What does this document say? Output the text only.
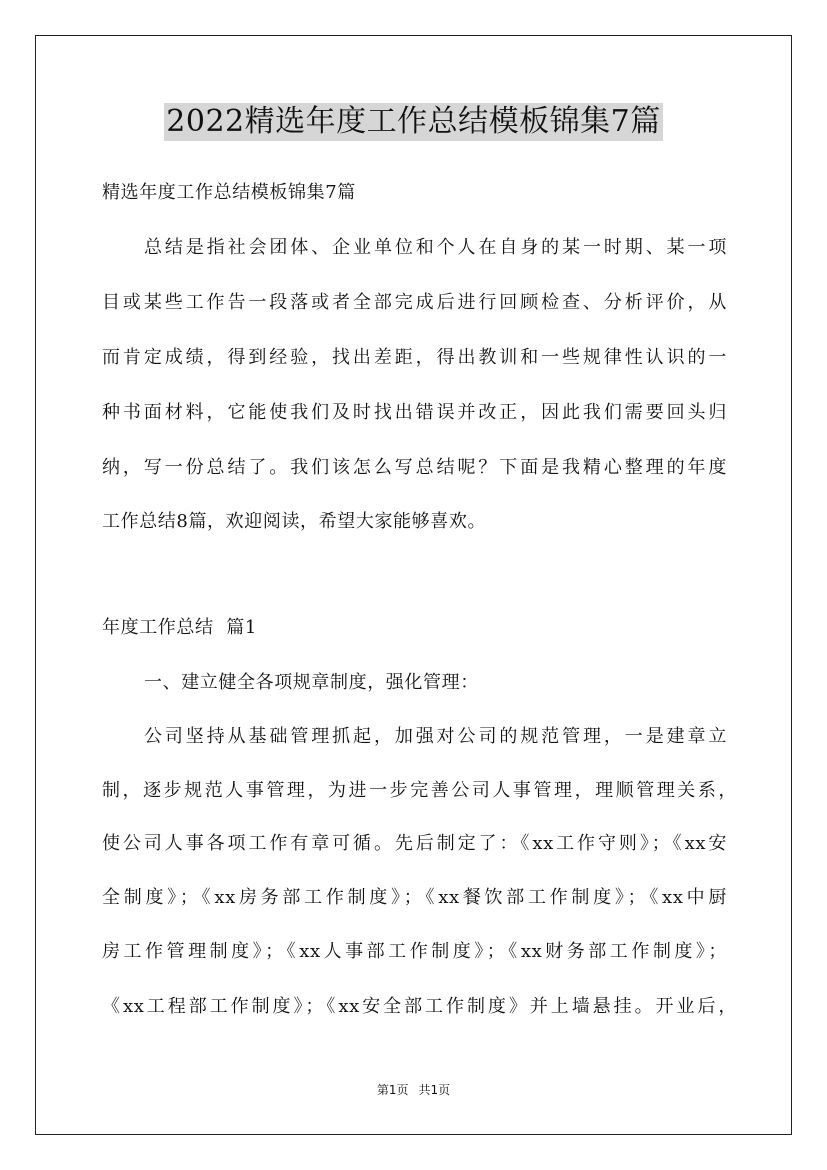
2022精选年度工作总结模板锦集7篇
精选年度工作总结模板锦集7篇
总结是指社会团体、企业单位和个人在自身的某一时期、某一项
目或某些工作告一段落或者全部完成后进行回顾检查、分析评价，从
而肯定成绩，得到经验，找出差距，得出教训和一些规律性认识的一
种书面材料，它能使我们及时找出错误并改正，因此我们需要回头归
纳，写一份总结了。我们该怎么写总结呢？下面是我精心整理的年度
工作总结8篇，欢迎阅读，希望大家能够喜欢。
年度工作总结  篇1
一、建立健全各项规章制度，强化管理：
公司坚持从基础管理抓起，加强对公司的规范管理，一是建章立
制，逐步规范人事管理，为进一步完善公司人事管理，理顺管理关系，
使公司人事各项工作有章可循。先后制定了：《xx工作守则》；《xx安
全制度》；《xx房务部工作制度》；《xx餐饮部工作制度》；《xx中厨
房工作管理制度》；《xx人事部工作制度》；《xx财务部工作制度》；
《xx工程部工作制度》；《xx安全部工作制度》并上墙悬挂。开业后，
第1页 共1页
